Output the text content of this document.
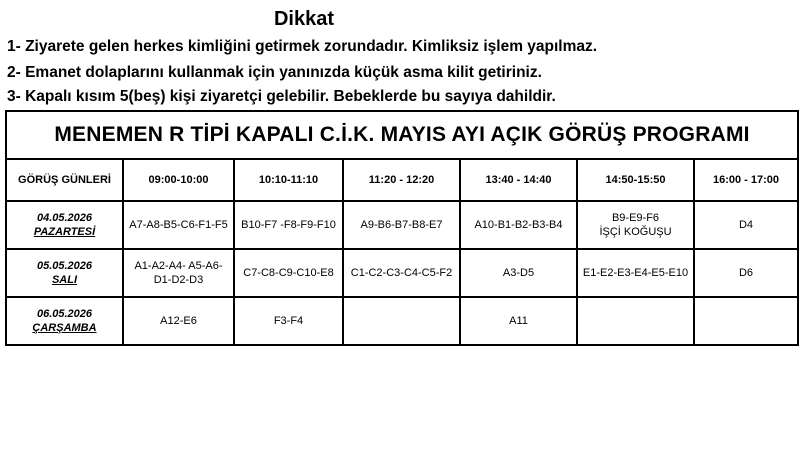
Dikkat
1- Ziyarete gelen herkes kimliğini getirmek zorundadır. Kimliksiz işlem yapılmaz.
2- Emanet dolaplarını kullanmak için yanınızda küçük asma kilit getiriniz.
3- Kapalı kısım 5(beş) kişi ziyaretçi gelebilir. Bebeklerde bu sayıya dahildir.
MENEMEN R TİPİ KAPALI C.İ.K. MAYIS AYI AÇIK GÖRÜŞ PROGRAMI						
GÖRÜŞ GÜNLERİ	09:00-10:00	10:10-11:10	11:20 - 12:20	13:40 - 14:40	14:50-15:50	16:00 - 17:00

04.05.2026
PAZARTESİ	A7-A8-B5-C6-F1-F5	B10-F7 -F8-F9-F10	A9-B6-B7-B8-E7	A10-B1-B2-B3-B4	B9-E9-F6
İŞÇİ KOĞUŞU	D4

05.05.2026
SALI	A1-A2-A4- A5-A6-
D1-D2-D3	C7-C8-C9-C10-E8	C1-C2-C3-C4-C5-F2	A3-D5	E1-E2-E3-E4-E5-E10	D6

06.05.2026
ÇARŞAMBA	A12-E6	F3-F4		A11		
